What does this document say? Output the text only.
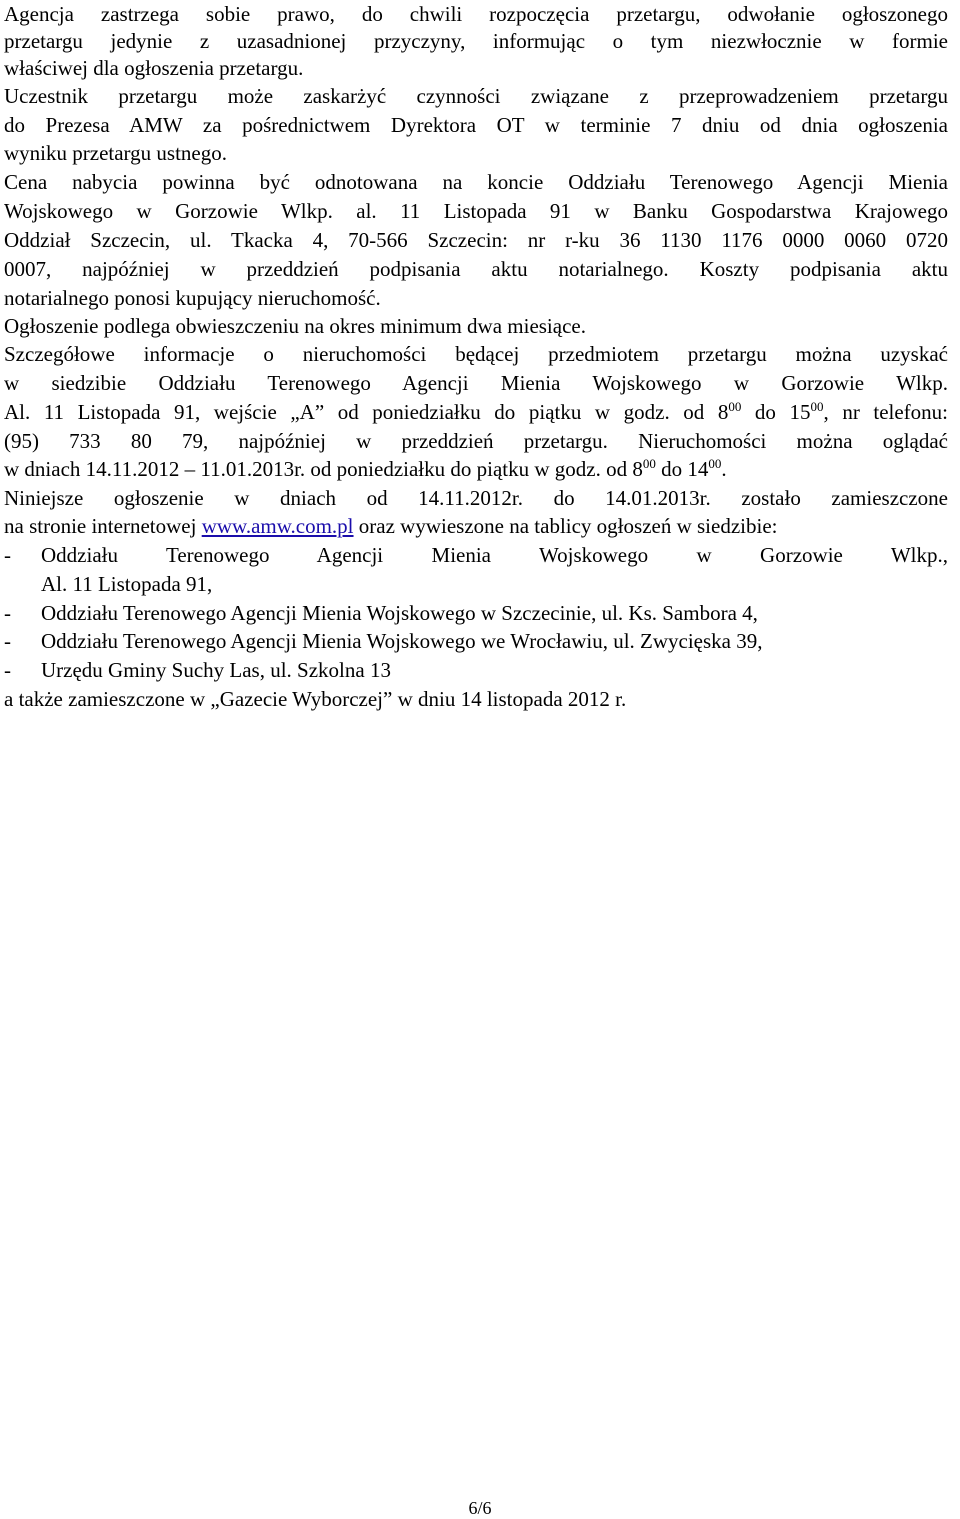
Agencja zastrzega sobie prawo, do chwili rozpoczęcia przetargu, odwołanie ogłoszonego
przetargu jedynie z uzasadnionej przyczyny, informując o tym niezwłocznie w formie
właściwej dla ogłoszenia przetargu.
Uczestnik przetargu może zaskarżyć czynności związane z przeprowadzeniem przetargu
do Prezesa AMW za pośrednictwem Dyrektora OT w terminie 7 dniu od dnia ogłoszenia
wyniku przetargu ustnego.
Cena nabycia powinna być odnotowana na koncie Oddziału Terenowego Agencji Mienia
Wojskowego w Gorzowie Wlkp. al. 11 Listopada 91 w Banku Gospodarstwa Krajowego
Oddział Szczecin, ul. Tkacka 4, 70-566 Szczecin: nr r-ku 36 1130 1176 0000 0060 0720
0007, najpóźniej w przeddzień podpisania aktu notarialnego. Koszty podpisania aktu
notarialnego ponosi kupujący nieruchomość.
Ogłoszenie podlega obwieszczeniu na okres minimum dwa miesiące.
Szczegółowe informacje o nieruchomości będącej przedmiotem przetargu można uzyskać
w siedzibie Oddziału Terenowego Agencji Mienia Wojskowego w Gorzowie Wlkp.
Al. 11 Listopada 91, wejście „A” od poniedziałku do piątku w godz. od $8^{00}$ do $15^{00}$, nr telefonu:
(95) 733 80 79, najpóźniej w przeddzień przetargu. Nieruchomości można oglądać
w dniach 14.11.2012 – 11.01.2013r. od poniedziałku do piątku w godz. od $8^{00}$ do $14^{00}$.
Niniejsze ogłoszenie w dniach od 14.11.2012r. do 14.01.2013r. zostało zamieszczone
na stronie internetowej www.amw.com.pl oraz wywieszone na tablicy ogłoszeń w siedzibie:
- Oddziału Terenowego Agencji Mienia Wojskowego w Gorzowie Wlkp.,
Al. 11 Listopada 91,
- Oddziału Terenowego Agencji Mienia Wojskowego w Szczecinie, ul. Ks. Sambora 4,
- Oddziału Terenowego Agencji Mienia Wojskowego we Wrocławiu, ul. Zwycięska 39,
- Urzędu Gminy Suchy Las, ul. Szkolna 13
a także zamieszczone w „Gazecie Wyborczej” w dniu 14 listopada 2012 r.
6/6
